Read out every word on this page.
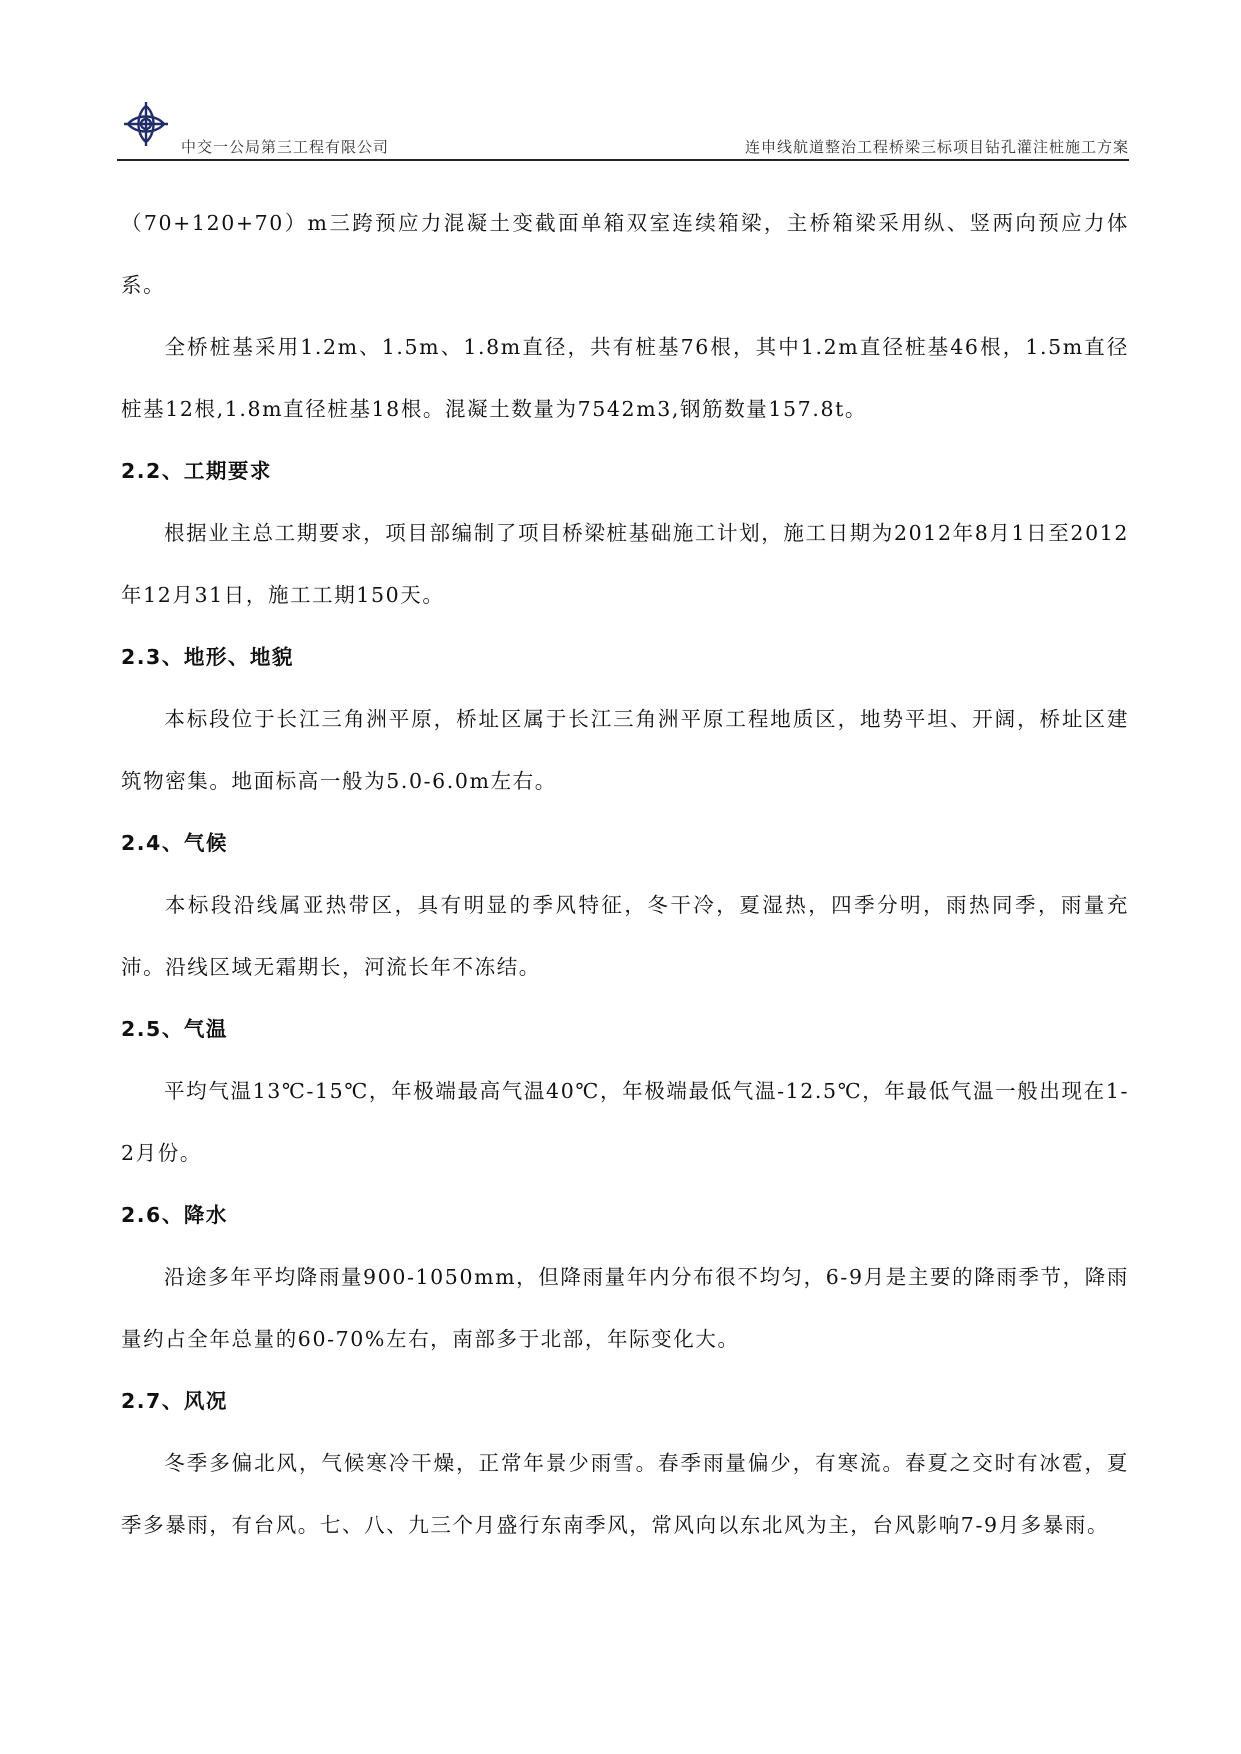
中交一公局第三工程有限公司	连申线航道整治工程桥梁三标项目钻孔灌注桩施工方案

（70+120+70）m三跨预应力混凝土变截面单箱双室连续箱梁，主桥箱梁采用纵、竖两向预应力体系。

全桥桩基采用1.2m、1.5m、1.8m直径，共有桩基76根，其中1.2m直径桩基46根，1.5m直径桩基12根,1.8m直径桩基18根。混凝土数量为7542m3,钢筋数量157.8t。

2.2、工期要求

根据业主总工期要求，项目部编制了项目桥梁桩基础施工计划，施工日期为2012年8月1日至2012年12月31日，施工工期150天。

2.3、地形、地貌

本标段位于长江三角洲平原，桥址区属于长江三角洲平原工程地质区，地势平坦、开阔，桥址区建筑物密集。地面标高一般为5.0-6.0m左右。

2.4、气候

本标段沿线属亚热带区，具有明显的季风特征，冬干冷，夏湿热，四季分明，雨热同季，雨量充沛。沿线区域无霜期长，河流长年不冻结。

2.5、气温

平均气温13℃-15℃，年极端最高气温40℃，年极端最低气温-12.5℃，年最低气温一般出现在1-2月份。

2.6、降水

沿途多年平均降雨量900-1050mm，但降雨量年内分布很不均匀，6-9月是主要的降雨季节，降雨量约占全年总量的60-70%左右，南部多于北部，年际变化大。

2.7、风况

冬季多偏北风，气候寒冷干燥，正常年景少雨雪。春季雨量偏少，有寒流。春夏之交时有冰雹，夏季多暴雨，有台风。七、八、九三个月盛行东南季风，常风向以东北风为主，台风影响7-9月多暴雨。
